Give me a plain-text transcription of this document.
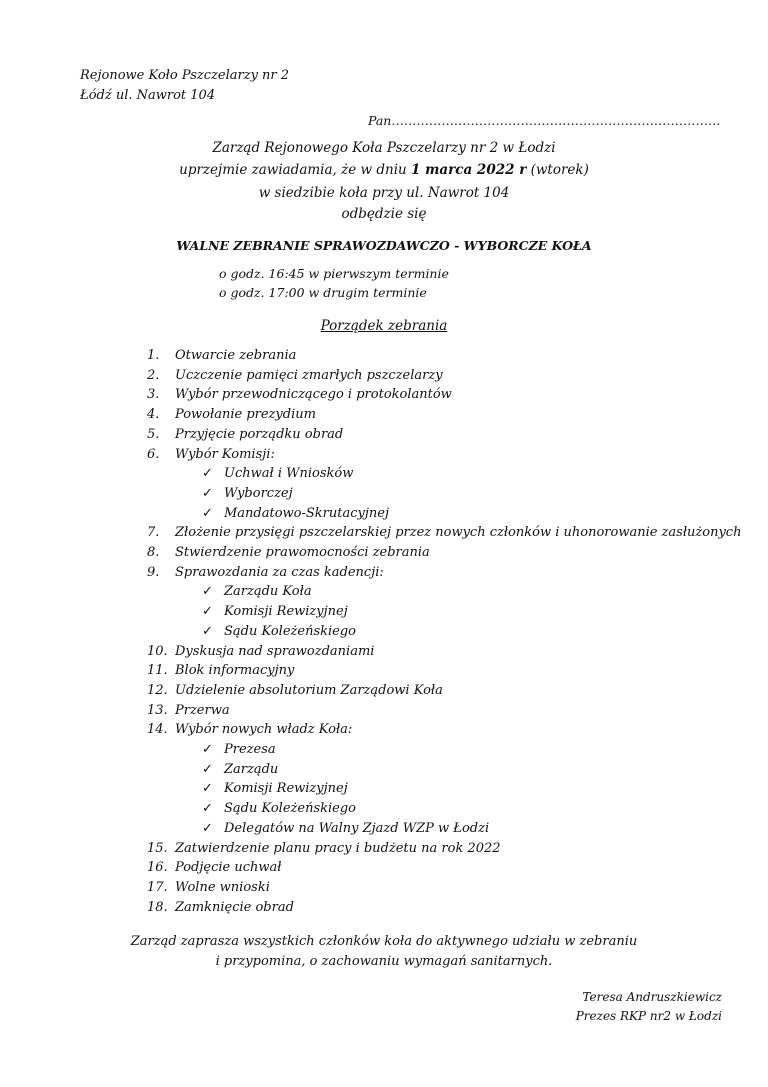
Rejonowe Koło Pszczelarzy nr 2
Łódź ul. Nawrot 104
Pan…………………………………………………………………….
Zarząd Rejonowego Koła Pszczelarzy nr 2 w Łodzi
uprzejmie zawiadamia, że w dniu 1 marca 2022 r (wtorek)
w siedzibie koła przy ul. Nawrot 104
odbędzie się
WALNE ZEBRANIE SPRAWOZDAWCZO - WYBORCZE KOŁA
o godz. 16:45 w pierwszym terminie
o godz. 17:00 w drugim terminie
Porządek zebrania
1.	Otwarcie zebrania
2.	Uczczenie pamięci zmarłych pszczelarzy
3.	Wybór przewodniczącego i protokolantów
4.	Powołanie prezydium
5.	Przyjęcie porządku obrad
6.	Wybór Komisji:
✓ Uchwał i Wniosków
✓ Wyborczej
✓ Mandatowo-Skrutacyjnej
7.	Złożenie przysięgi pszczelarskiej przez nowych członków i uhonorowanie zasłużonych
8.	Stwierdzenie prawomocności zebrania
9.	Sprawozdania za czas kadencji:
✓ Zarządu Koła
✓ Komisji Rewizyjnej
✓ Sądu Koleżeńskiego
10. Dyskusja nad sprawozdaniami
11. Blok informacyjny
12. Udzielenie absolutorium Zarządowi Koła
13. Przerwa
14. Wybór nowych władz Koła:
✓ Prezesa
✓ Zarządu
✓ Komisji Rewizyjnej
✓ Sądu Koleżeńskiego
✓ Delegatów na Walny Zjazd WZP w Łodzi
15. Zatwierdzenie planu pracy i budżetu na rok 2022
16. Podjęcie uchwał
17. Wolne wnioski
18. Zamknięcie obrad
Zarząd zaprasza wszystkich członków koła do aktywnego udziału w zebraniu
i przypomina, o zachowaniu wymagań sanitarnych.
Teresa Andruszkiewicz
Prezes RKP nr2 w Łodzi
